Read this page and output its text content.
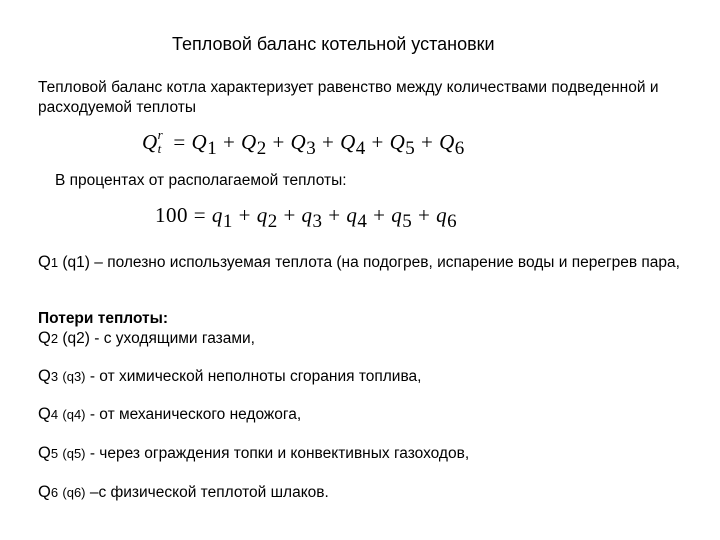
Тепловой баланс котельной установки
Тепловой баланс котла характеризует равенство между количествами подведенной и расходуемой теплоты
Q r
$t = Q_1 + Q_2 + Q_3 + Q_4 + Q_5 + Q_6$
В процентах от располагаемой теплоты:
$100 = q_1 + q_2 + q_3 + q_4 + q_5 + q_6$
Q1 (q1) – полезно используемая теплота (на подогрев, испарение воды и перегрев пара,
Потери теплоты:
Q2 (q2) - с уходящими газами,
Q3 (q3) - от химической неполноты сгорания топлива,
Q4 (q4) - от механического недожога,
Q5 (q5) - через ограждения топки и конвективных газоходов,
Q6 (q6) –с физической теплотой шлаков.
